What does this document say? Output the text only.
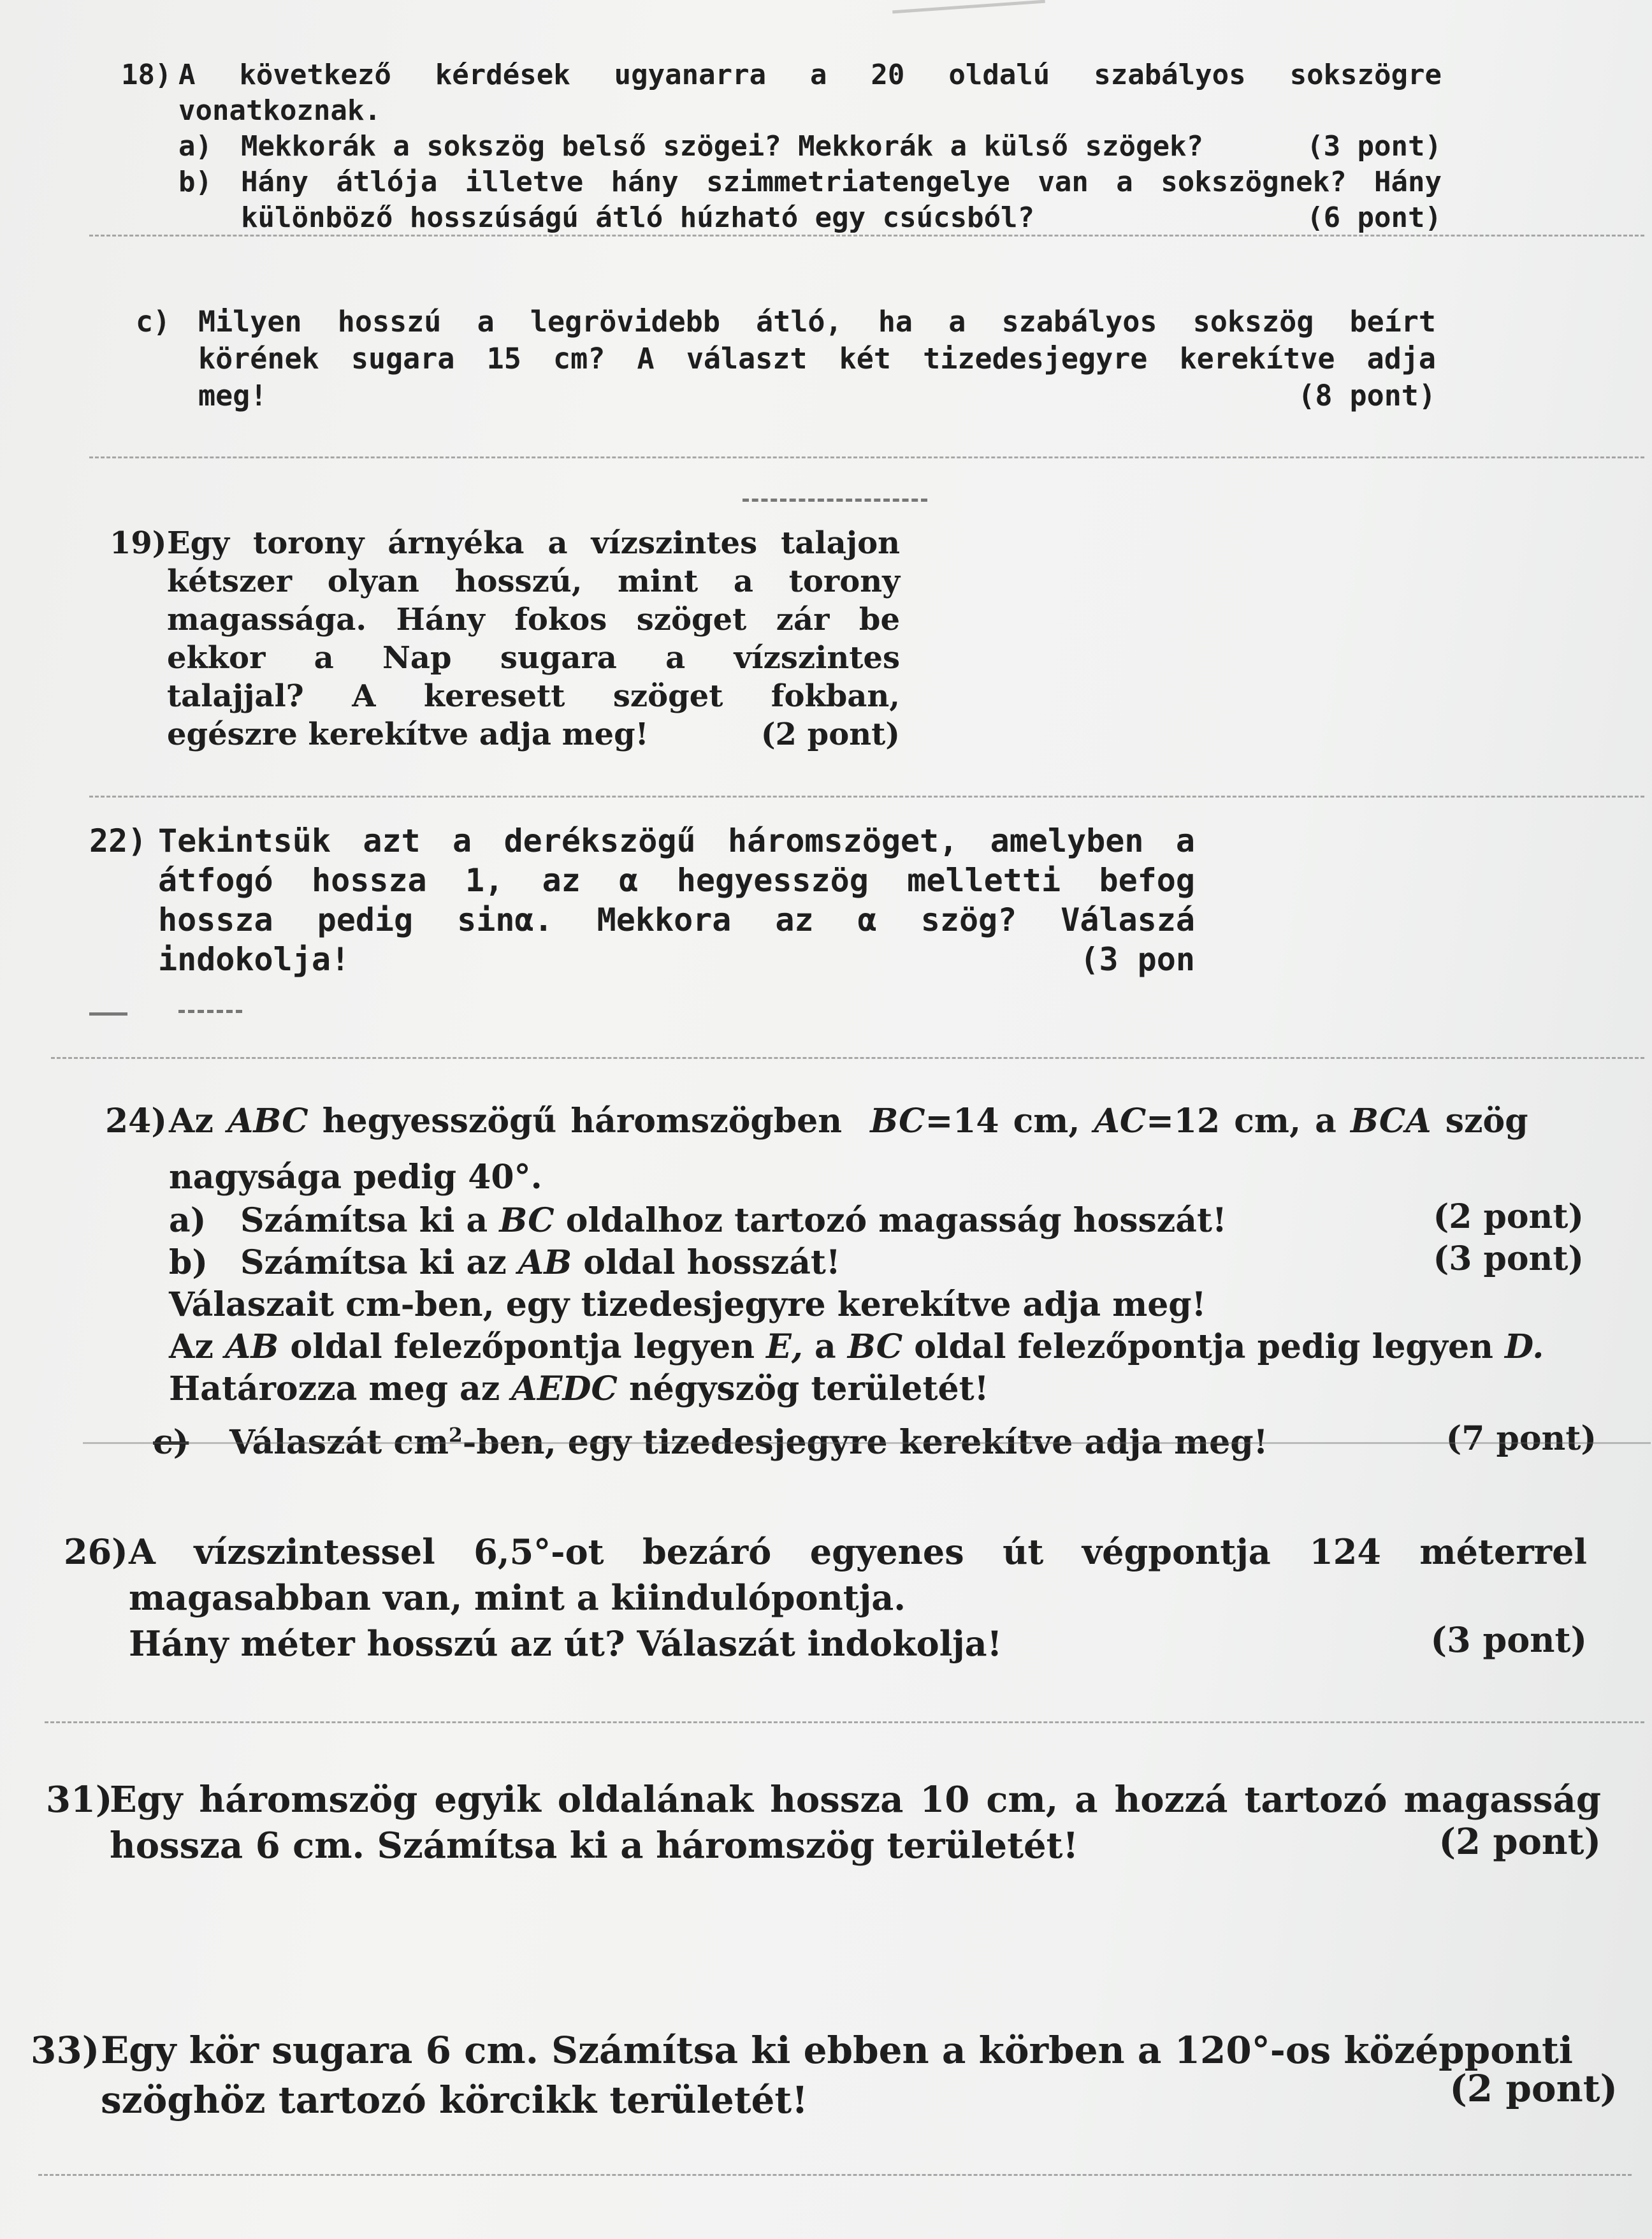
18) A következő kérdések ugyanarra a 20 oldalú szabályos sokszögre
vonatkoznak.
a) Mekkorák a sokszög belső szögei? Mekkorák a külső szögek?	(3 pont)
b) Hány átlója illetve hány szimmetriatengelye van a sokszögnek? Hány
különböző hosszúságú átló húzható egy csúcsból?	(6 pont)
c) Milyen hosszú a legrövidebb átló, ha a szabályos sokszög beírt
körének sugara 15 cm? A választ két tizedesjegyre kerekítve adja
meg!	(8 pont)
19) Egy torony árnyéka a vízszintes talajon
kétszer olyan hosszú, mint a torony
magassága. Hány fokos szöget zár be
ekkor a Nap sugara a vízszintes
talajjal? A keresett szöget fokban,
egészre kerekítve adja meg!	(2 pont)
22) Tekintsük azt a derékszögű háromszöget, amelyben a
átfogó hossza 1, az α hegyesszög melletti befog
hossza pedig sinα. Mekkora az α szög? Válaszá
indokolja!	(3 pon
24) Az ABC hegyesszögű háromszögben BC=14 cm, AC=12 cm, a BCA szög
nagysága pedig 40°.
a) Számítsa ki a BC oldalhoz tartozó magasság hosszát!	(2 pont)
b) Számítsa ki az AB oldal hosszát!	(3 pont)
Válaszait cm-ben, egy tizedesjegyre kerekítve adja meg!
Az AB oldal felezőpontja legyen E, a BC oldal felezőpontja pedig legyen D.
Határozza meg az AEDC négyszög területét!
c) Válaszát $cm^2$-ben, egy tizedesjegyre kerekítve adja meg!	(7 pont)
26) A vízszintessel 6,5°-ot bezáró egyenes út végpontja 124 méterrel
magasabban van, mint a kiindulópontja.
Hány méter hosszú az út? Válaszát indokolja!	(3 pont)
31)
Egy háromszög egyik oldalának hossza 10 cm, a hozzá tartozó magasság
hossza 6 cm. Számítsa ki a háromszög területét!	(2 pont)
33) Egy kör sugara 6 cm. Számítsa ki ebben a körben a 120°-os középponti
szöghöz tartozó körcikk területét!	(2 pont)
